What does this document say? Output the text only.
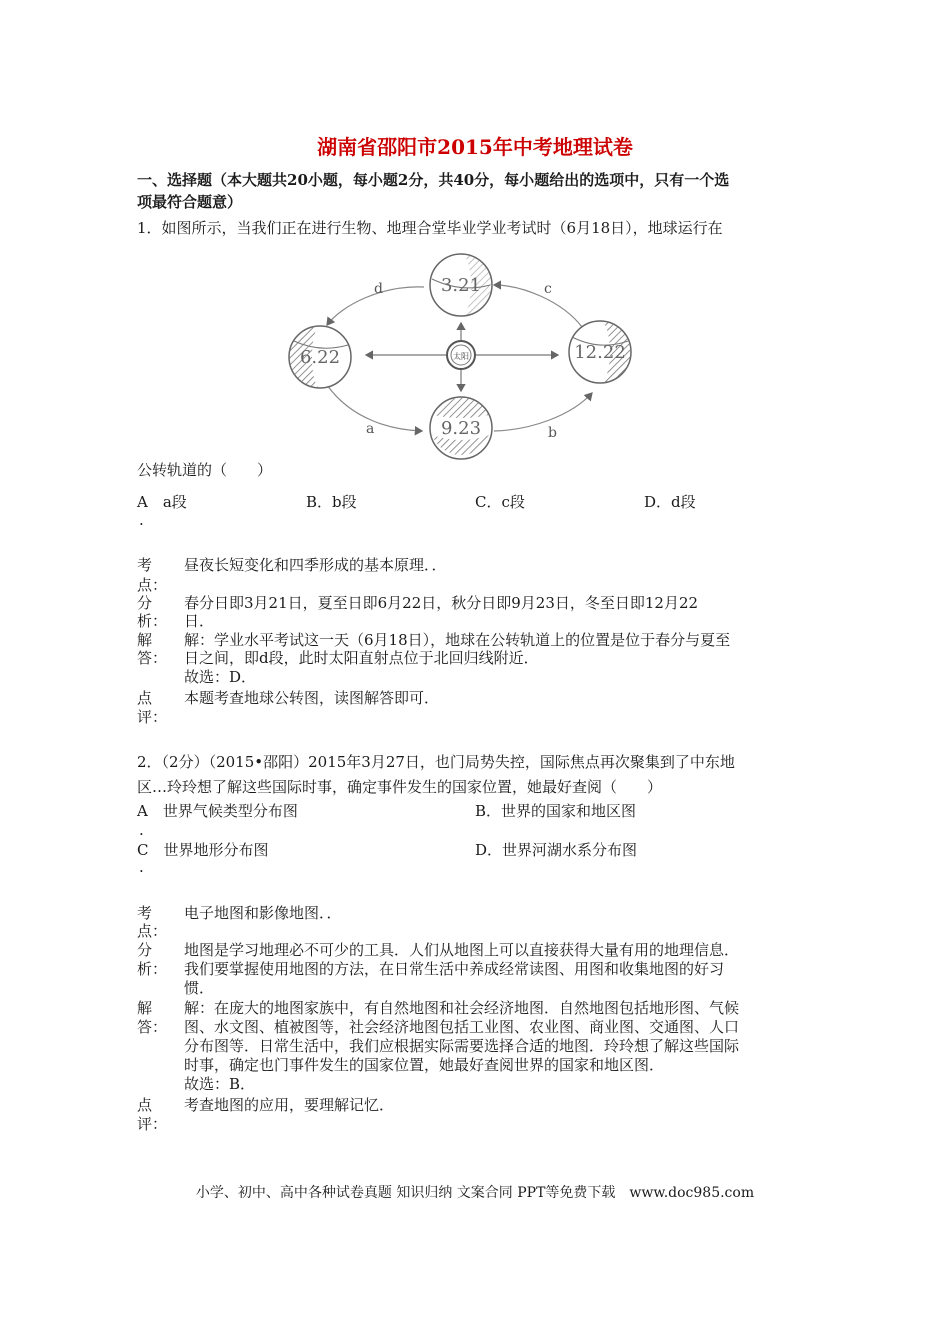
湖南省邵阳市2015年中考地理试卷
一、选择题（本大题共20小题，每小题2分，共40分，每小题给出的选项中，只有一个选
项最符合题意）
1．如图所示，当我们正在进行生物、地理合堂毕业学业考试时（6月18日），地球运行在
太阳
3.21
6.22	12.22
9.23
d	c
a	b
公转轨道的（　　）
A　a段
.
B．b段	C．c段	D．d段
考
点：
昼夜长短变化和四季形成的基本原理．．
分
析：
春分日即3月21日，夏至日即6月22日，秋分日即9月23日，冬至日即12月22
日．
解
答：
解：学业水平考试这一天（6月18日），地球在公转轨道上的位置是位于春分与夏至
日之间，即d段，此时太阳直射点位于北回归线附近．
故选：D．
点
评：
本题考查地球公转图，读图解答即可．
2．（2分）（2015•邵阳）2015年3月27日，也门局势失控，国际焦点再次聚集到了中东地
区…玲玲想了解这些国际时事，确定事件发生的国家位置，她最好查阅（　　）
A　世界气候类型分布图	B．世界的国家和地区图
.
C　世界地形分布图	D．世界河湖水系分布图
.
考
点：
电子地图和影像地图．．
分
析：
地图是学习地理必不可少的工具．人们从地图上可以直接获得大量有用的地理信息．
我们要掌握使用地图的方法，在日常生活中养成经常读图、用图和收集地图的好习
惯．
解
答：
解：在庞大的地图家族中，有自然地图和社会经济地图．自然地图包括地形图、气候
图、水文图、植被图等，社会经济地图包括工业图、农业图、商业图、交通图、人口
分布图等．日常生活中，我们应根据实际需要选择合适的地图．玲玲想了解这些国际
时事，确定也门事件发生的国家位置，她最好查阅世界的国家和地区图．
故选：B．
点
评：
考查地图的应用，要理解记忆．
小学、初中、高中各种试卷真题 知识归纳 文案合同 PPT等免费下载　www.doc985.com
